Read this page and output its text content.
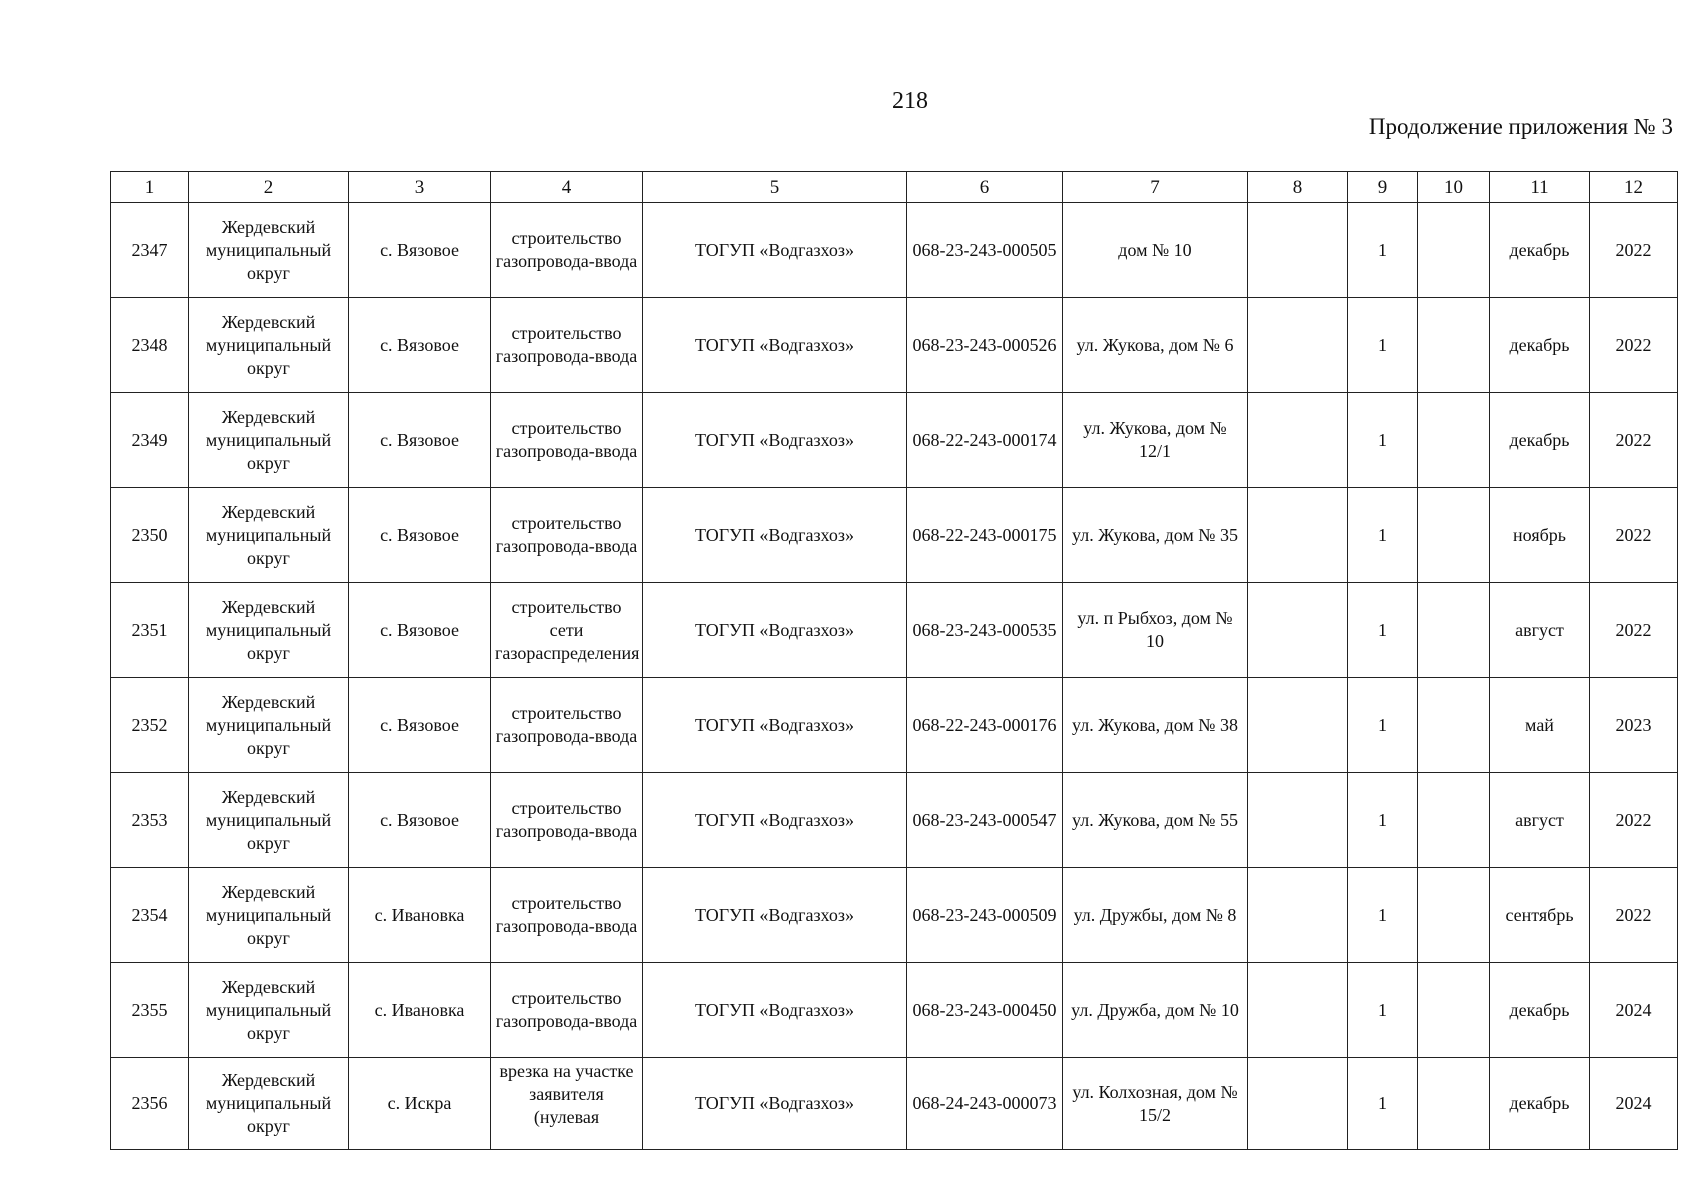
218
Продолжение приложения № 3
1	2	3	4	5	6	7	8	9	10	11	12
2347	Жердевский муниципальный округ	с. Вязовое	строительство газопровода-ввода	ТОГУП «Водгазхоз»	068-23-243-000505	дом № 10		1		декабрь	2022
2348	Жердевский муниципальный округ	с. Вязовое	строительство газопровода-ввода	ТОГУП «Водгазхоз»	068-23-243-000526	ул. Жукова, дом № 6		1		декабрь	2022
2349	Жердевский муниципальный округ	с. Вязовое	строительство газопровода-ввода	ТОГУП «Водгазхоз»	068-22-243-000174	ул. Жукова, дом № 12/1		1		декабрь	2022
2350	Жердевский муниципальный округ	с. Вязовое	строительство газопровода-ввода	ТОГУП «Водгазхоз»	068-22-243-000175	ул. Жукова, дом № 35		1		ноябрь	2022
2351	Жердевский муниципальный округ	с. Вязовое	строительство сети газораспределения	ТОГУП «Водгазхоз»	068-23-243-000535	ул. п Рыбхоз, дом № 10		1		август	2022
2352	Жердевский муниципальный округ	с. Вязовое	строительство газопровода-ввода	ТОГУП «Водгазхоз»	068-22-243-000176	ул. Жукова, дом № 38		1		май	2023
2353	Жердевский муниципальный округ	с. Вязовое	строительство газопровода-ввода	ТОГУП «Водгазхоз»	068-23-243-000547	ул. Жукова, дом № 55		1		август	2022
2354	Жердевский муниципальный округ	с. Ивановка	строительство газопровода-ввода	ТОГУП «Водгазхоз»	068-23-243-000509	ул. Дружбы, дом № 8		1		сентябрь	2022
2355	Жердевский муниципальный округ	с. Ивановка	строительство газопровода-ввода	ТОГУП «Водгазхоз»	068-23-243-000450	ул. Дружба, дом № 10		1		декабрь	2024
2356	Жердевский муниципальный округ	с. Искра	врезка на участке заявителя (нулевая	ТОГУП «Водгазхоз»	068-24-243-000073	ул. Колхозная, дом № 15/2		1		декабрь	2024
